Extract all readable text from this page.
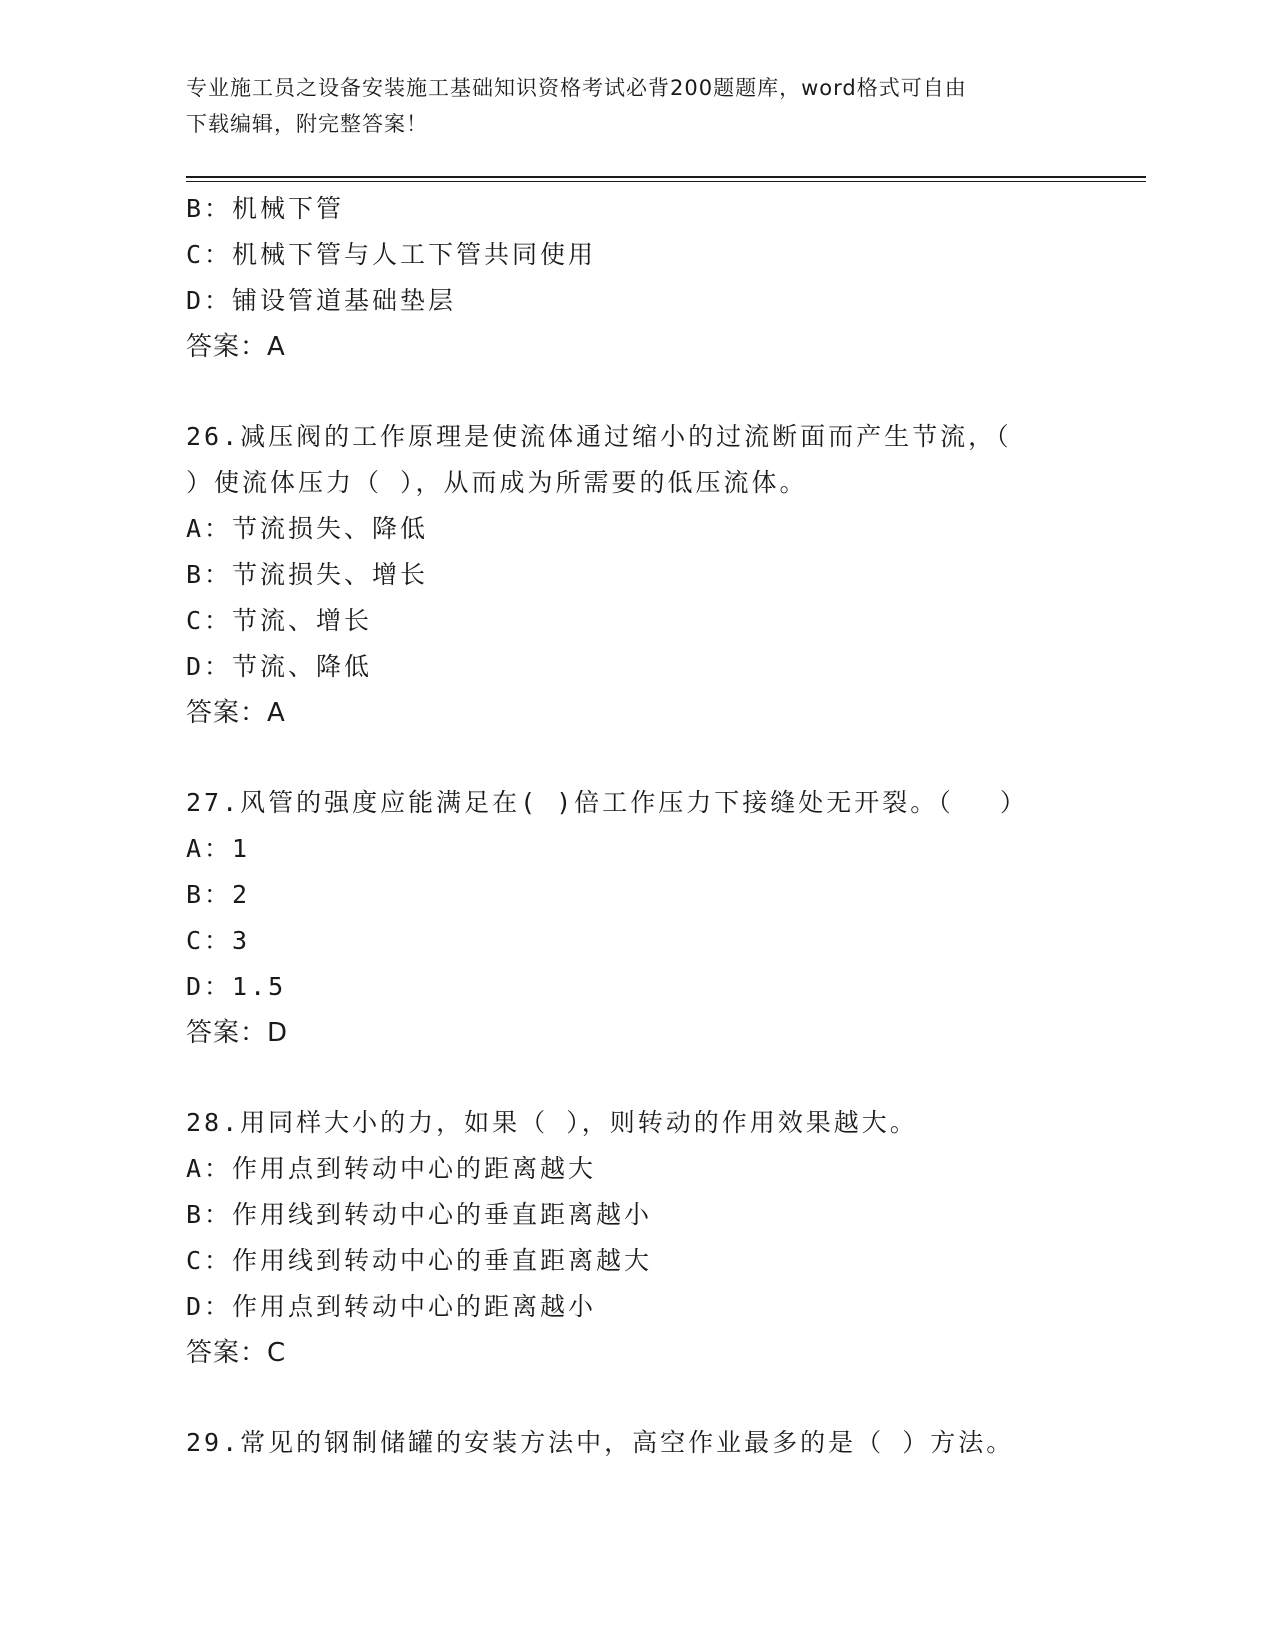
专业施工员之设备安装施工基础知识资格考试必背200题题库，word格式可自由
下载编辑，附完整答案！
B：机械下管
C：机械下管与人工下管共同使用
D：铺设管道基础垫层
答案：A
26.减压阀的工作原理是使流体通过缩小的过流断面而产生节流，（
）使流体压力（ ），从而成为所需要的低压流体。
A：节流损失、降低
B：节流损失、增长
C：节流、增长
D：节流、降低
答案：A
27.风管的强度应能满足在( )倍工作压力下接缝处无开裂。（　 ）
A：1
B：2
C：3
D：1.5
答案：D
28.用同样大小的力，如果（ ），则转动的作用效果越大。
A：作用点到转动中心的距离越大
B：作用线到转动中心的垂直距离越小
C：作用线到转动中心的垂直距离越大
D：作用点到转动中心的距离越小
答案：C
29.常见的钢制储罐的安装方法中，高空作业最多的是（ ）方法。
